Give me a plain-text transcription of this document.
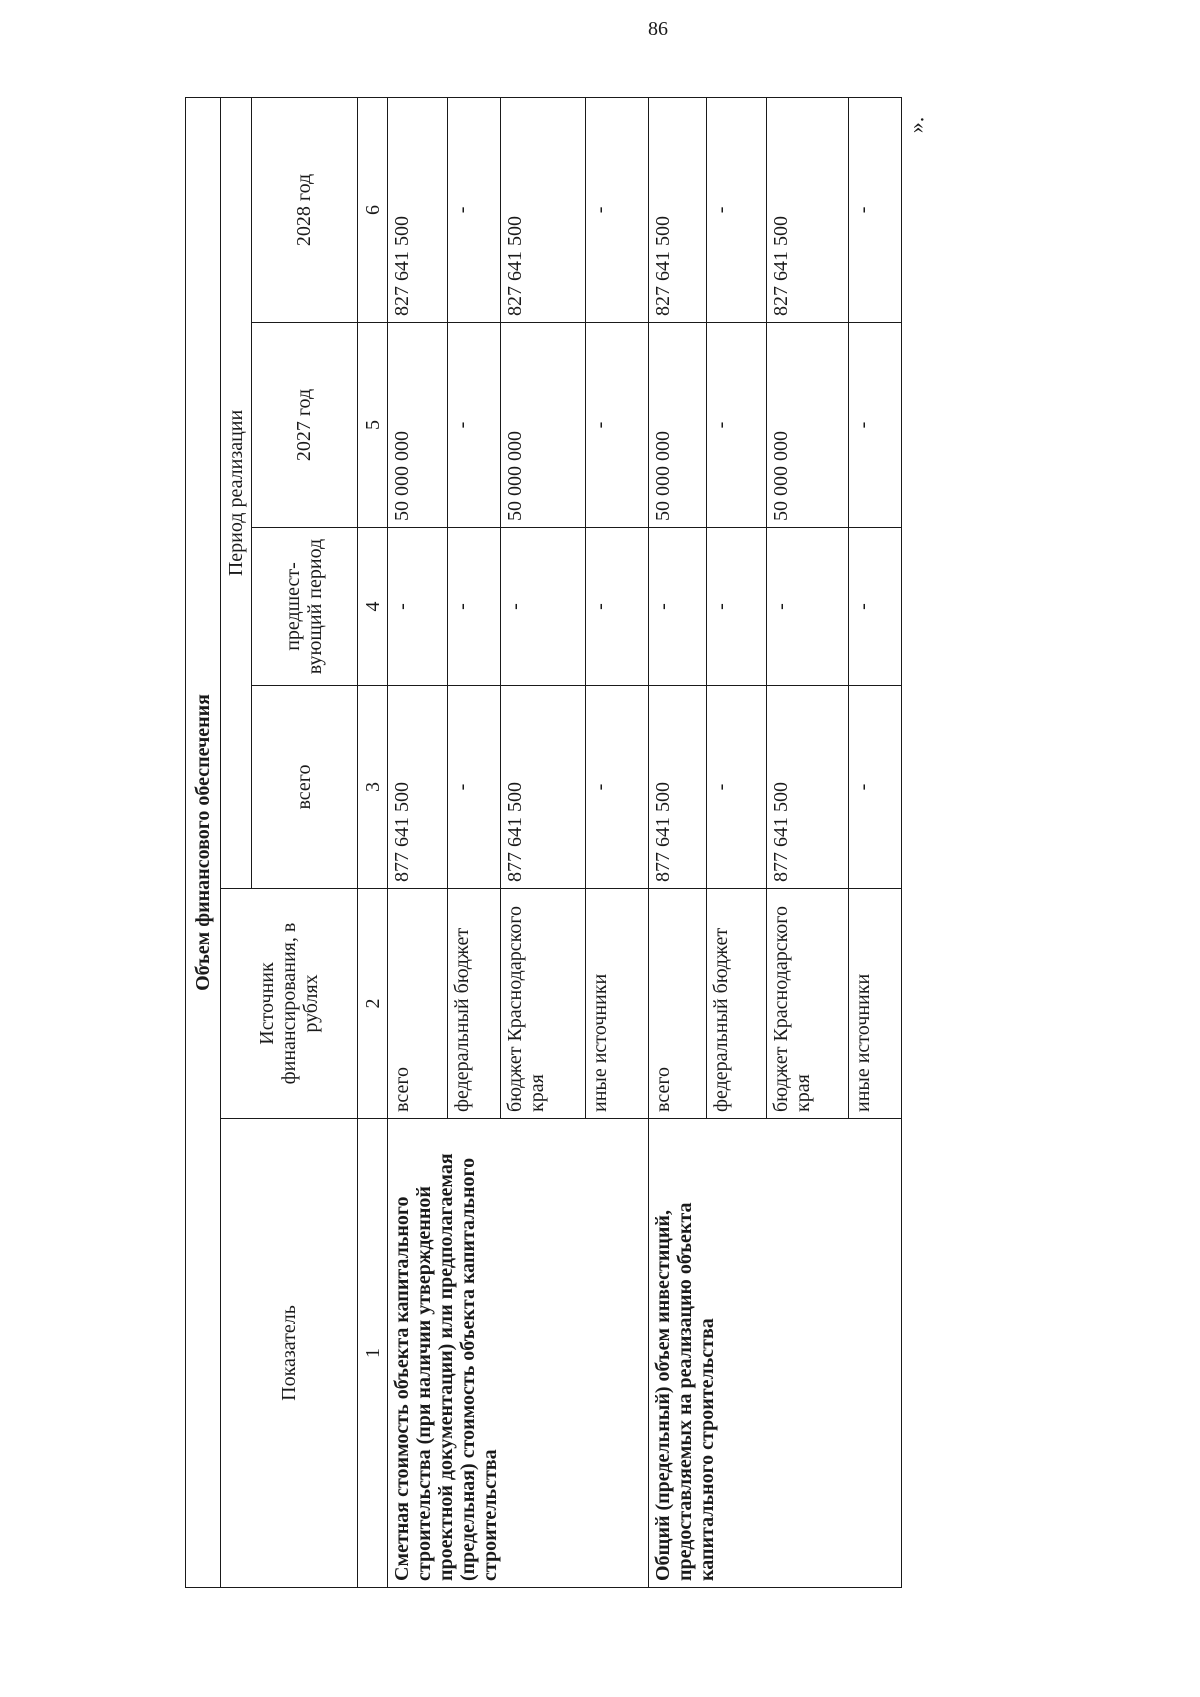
86
».
Объем финансового обеспечения					
Показатель	Источник финансирования, в рублях	Период реализации			
		всего	предшест-вующий период	2027 год	2028 год
1	2	3	4	5	6
Сметная стоимость объекта капитального строительства (при наличии утвержденной проектной документации) или предполагаемая (предельная) стоимость объекта капитального строительства	всего	877 641 500	-	50 000 000	827 641 500
	федеральный бюджет	-	-	-	-
	бюджет Краснодарского края	877 641 500	-	50 000 000	827 641 500
	иные источники	-	-	-	-
Общий (предельный) объем инвестиций, предоставляемых на реализацию объекта капитального строительства	всего	877 641 500	-	50 000 000	827 641 500
	федеральный бюджет	-	-	-	-
	бюджет Краснодарского края	877 641 500	-	50 000 000	827 641 500
	иные источники	-	-	-	-
